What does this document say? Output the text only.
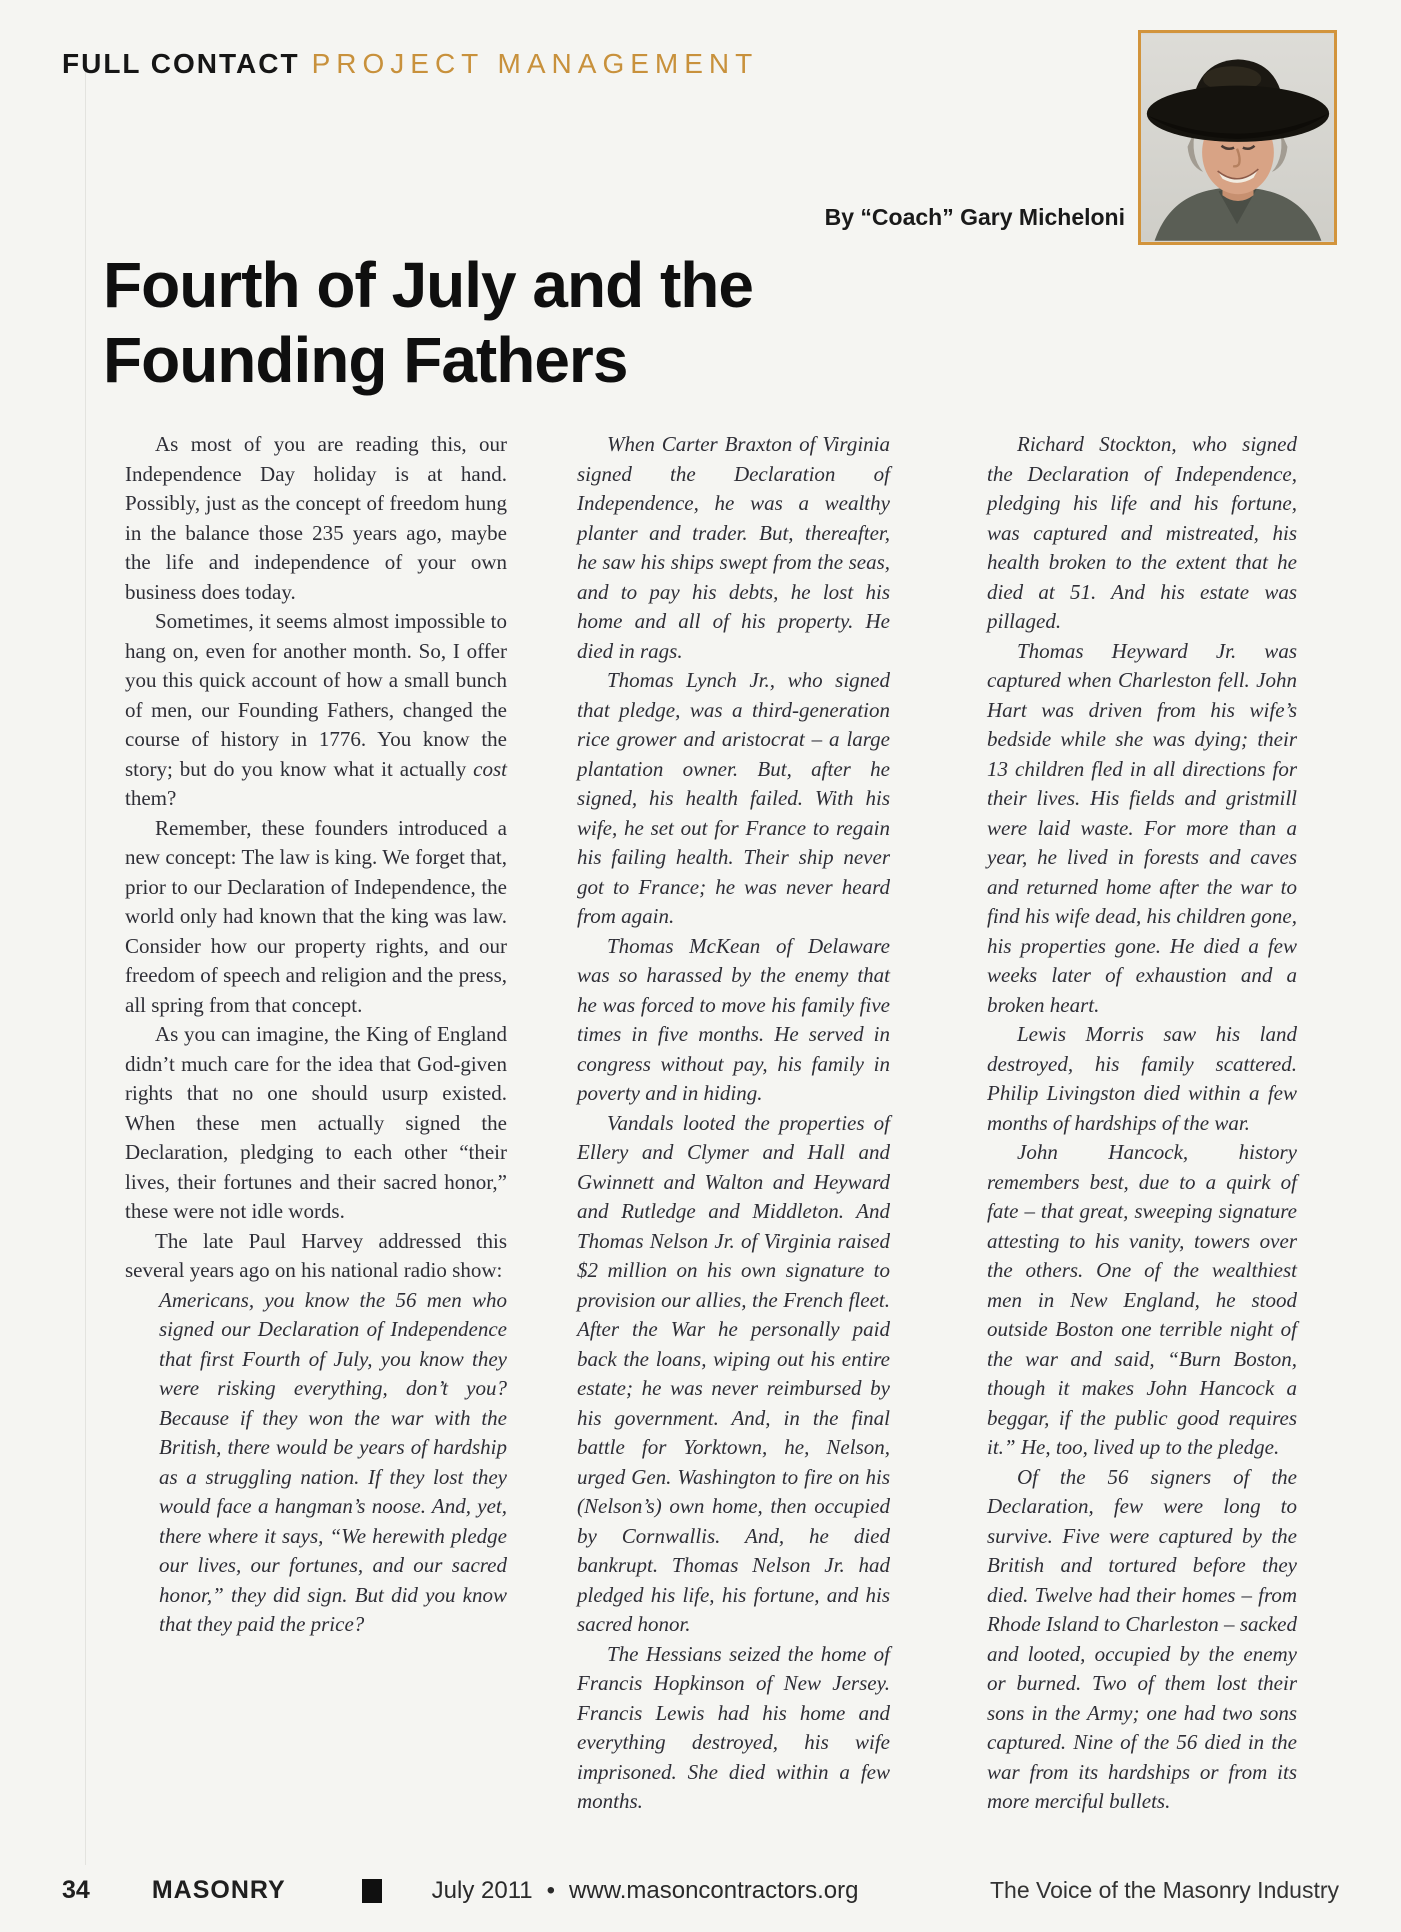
FULL CONTACT PROJECT MANAGEMENT
By “Coach” Gary Micheloni
Fourth of July and the
Founding Fathers

As most of you are reading this, our Independence Day holiday is at hand. Possibly, just as the concept of freedom hung in the balance those 235 years ago, maybe the life and independence of your own business does today.

Sometimes, it seems almost impossible to hang on, even for another month. So, I offer you this quick account of how a small bunch of men, our Founding Fathers, changed the course of history in 1776. You know the story; but do you know what it actually cost them?

Remember, these founders introduced a new concept: The law is king. We forget that, prior to our Declaration of Independence, the world only had known that the king was law. Consider how our property rights, and our freedom of speech and religion and the press, all spring from that concept.

As you can imagine, the King of England didn’t much care for the idea that God-given rights that no one should usurp existed. When these men actually signed the Declaration, pledging to each other “their lives, their fortunes and their sacred honor,” these were not idle words.

The late Paul Harvey addressed this several years ago on his national radio show:

Americans, you know the 56 men who signed our Declaration of Independence that first Fourth of July, you know they were risking everything, don’t you? Because if they won the war with the British, there would be years of hardship as a struggling nation. If they lost they would face a hangman’s noose. And, yet, there where it says, “We herewith pledge our lives, our fortunes, and our sacred honor,” they did sign. But did you know that they paid the price?

When Carter Braxton of Virginia signed the Declaration of Independence, he was a wealthy planter and trader. But, thereafter, he saw his ships swept from the seas, and to pay his debts, he lost his home and all of his property. He died in rags.

Thomas Lynch Jr., who signed that pledge, was a third-generation rice grower and aristocrat – a large plantation owner. But, after he signed, his health failed. With his wife, he set out for France to regain his failing health. Their ship never got to France; he was never heard from again.

Thomas McKean of Delaware was so harassed by the enemy that he was forced to move his family five times in five months. He served in congress without pay, his family in poverty and in hiding.

Vandals looted the properties of Ellery and Clymer and Hall and Gwinnett and Walton and Heyward and Rutledge and Middleton. And Thomas Nelson Jr. of Virginia raised $2 million on his own signature to provision our allies, the French fleet. After the War he personally paid back the loans, wiping out his entire estate; he was never reimbursed by his government. And, in the final battle for Yorktown, he, Nelson, urged Gen. Washington to fire on his (Nelson’s) own home, then occupied by Cornwallis. And, he died bankrupt. Thomas Nelson Jr. had pledged his life, his fortune, and his sacred honor.

The Hessians seized the home of Francis Hopkinson of New Jersey. Francis Lewis had his home and everything destroyed, his wife imprisoned. She died within a few months.

Richard Stockton, who signed the Declaration of Independence, pledging his life and his fortune, was captured and mistreated, his health broken to the extent that he died at 51. And his estate was pillaged.

Thomas Heyward Jr. was captured when Charleston fell. John Hart was driven from his wife’s bedside while she was dying; their 13 children fled in all directions for their lives. His fields and gristmill were laid waste. For more than a year, he lived in forests and caves and returned home after the war to find his wife dead, his children gone, his properties gone. He died a few weeks later of exhaustion and a broken heart.

Lewis Morris saw his land destroyed, his family scattered. Philip Livingston died within a few months of hardships of the war.

John Hancock, history remembers best, due to a quirk of fate – that great, sweeping signature attesting to his vanity, towers over the others. One of the wealthiest men in New England, he stood outside Boston one terrible night of the war and said, “Burn Boston, though it makes John Hancock a beggar, if the public good requires it.” He, too, lived up to the pledge.

Of the 56 signers of the Declaration, few were long to survive. Five were captured by the British and tortured before they died. Twelve had their homes – from Rhode Island to Charleston – sacked and looted, occupied by the enemy or burned. Two of them lost their sons in the Army; one had two sons captured. Nine of the 56 died in the war from its hardships or from its more merciful bullets.

34 MASONRY	July 2011 • www.masoncontractors.org	The Voice of the Masonry Industry
